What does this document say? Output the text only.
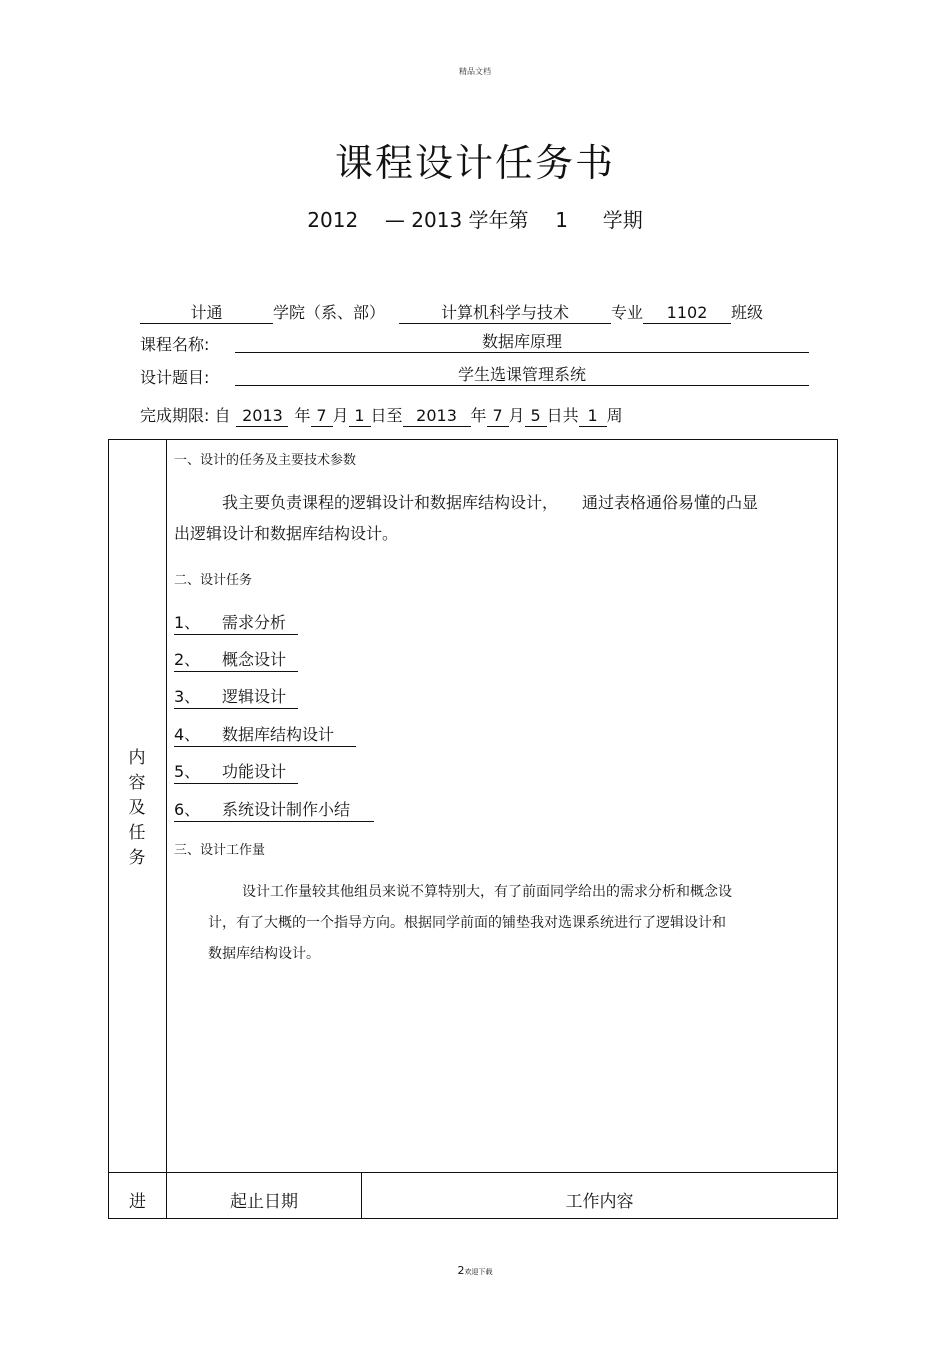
精品文档
课程设计任务书
2012 — 2013 学年第 1 学期
计通	学院（系、部）	计算机科学与技术	专业 1102 班级
课程名称:	数据库原理
设计题目:	学生选课管理系统
完成期限: 自 2013 年 7 月 1 日至 2013 年 7 月 5 日共 1 周
内
容
及
任
务
一、设计的任务及主要技术参数
我主要负责课程的逻辑设计和数据库结构设计，　　通过表格通俗易懂的凸显
出逻辑设计和数据库结构设计。
二、设计任务
1、 需求分析
2、 概念设计
3、 逻辑设计
4、 数据库结构设计
5、 功能设计
6、 系统设计制作小结
三、设计工作量
设计工作量较其他组员来说不算特别大，有了前面同学给出的需求分析和概念设
计，有了大概的一个指导方向。根据同学前面的铺垫我对选课系统进行了逻辑设计和
数据库结构设计。
进	起止日期	工作内容
2欢迎下载
